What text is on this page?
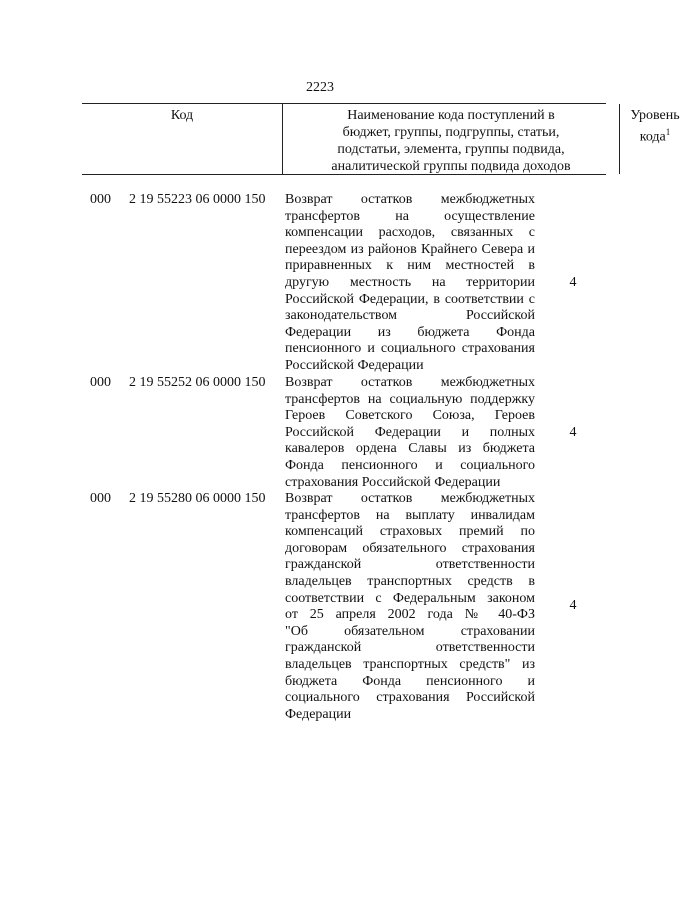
2223
Код	Наименование кода поступлений в
бюджет, группы, подгруппы, статьи,
подстатьи, элемента, группы подвида,
аналитической группы подвида доходов
Уровень
кода$^1$
000 2 19 55223 06 0000 150 Возврат остатков межбюджетных
трансфертов на осуществление
компенсации расходов, связанных с
переездом из районов Крайнего Севера и
приравненных к ним местностей в
другую местность на территории
Российской Федерации, в соответствии с
законодательством Российской
Федерации из бюджета Фонда
пенсионного и социального страхования
Российской Федерации
4
000 2 19 55252 06 0000 150 Возврат остатков межбюджетных
трансфертов на социальную поддержку
Героев Советского Союза, Героев
Российской Федерации и полных
кавалеров ордена Славы из бюджета
Фонда пенсионного и социального
страхования Российской Федерации
4
000 2 19 55280 06 0000 150 Возврат остатков межбюджетных
трансфертов на выплату инвалидам
компенсаций страховых премий по
договорам обязательного страхования
гражданской ответственности
владельцев транспортных средств в
соответствии с Федеральным законом
от 25 апреля 2002 года № 40-ФЗ
"Об обязательном страховании
гражданской ответственности
владельцев транспортных средств" из
бюджета Фонда пенсионного и
социального страхования Российской
Федерации
4
